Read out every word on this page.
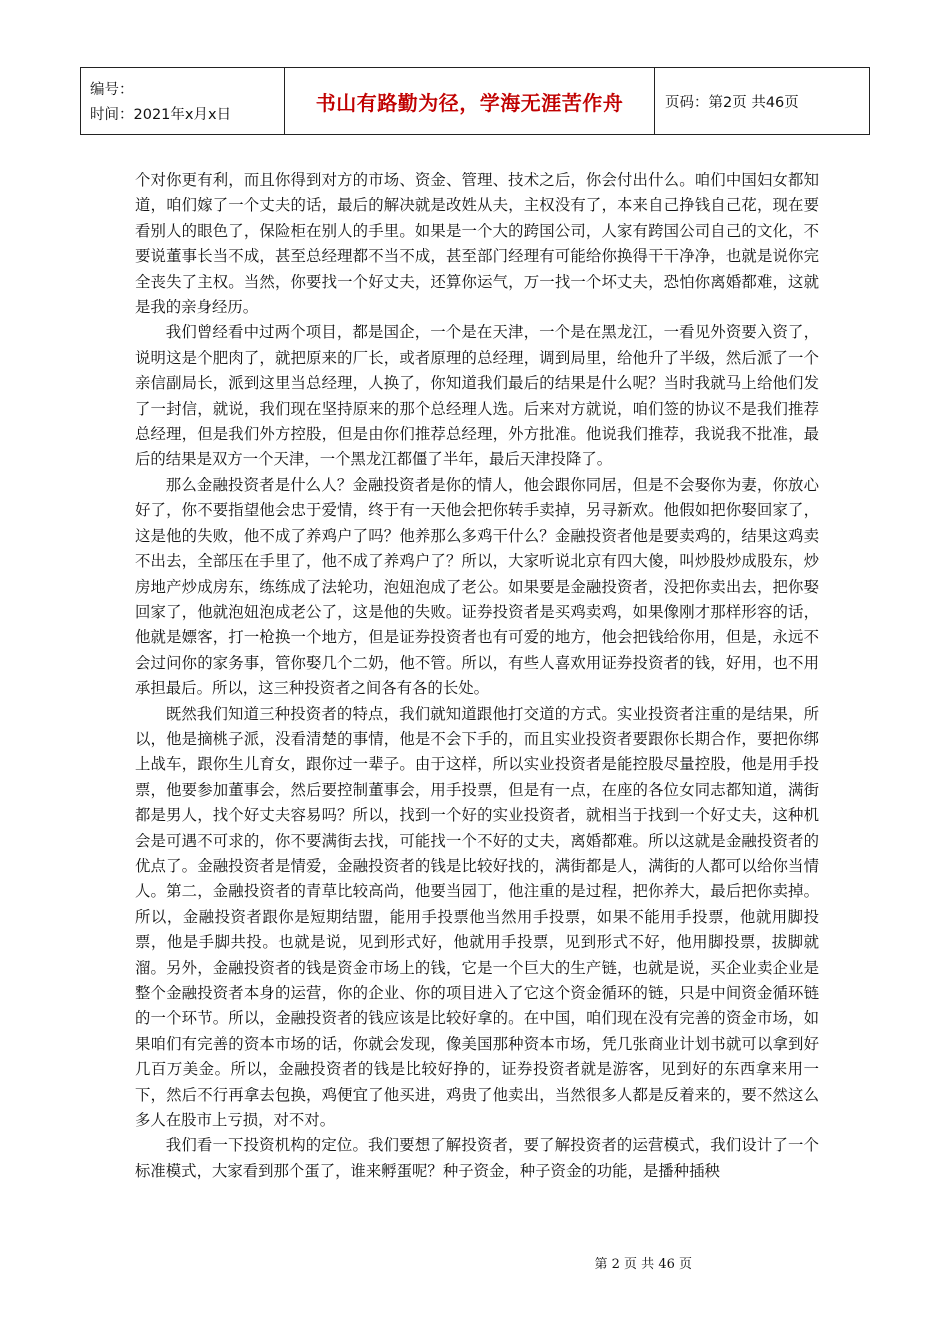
编号：
时间：2021年x月x日
书山有路勤为径，学海无涯苦作舟	页码：第2页 共46页

个对你更有利，而且你得到对方的市场、资金、管理、技术之后，你会付出什么。咱们中国妇女都知道，咱们嫁了一个丈夫的话，最后的解决就是改姓从夫，主权没有了，本来自己挣钱自己花，现在要看别人的眼色了，保险柜在别人的手里。如果是一个大的跨国公司，人家有跨国公司自己的文化，不要说董事长当不成，甚至总经理都不当不成，甚至部门经理有可能给你换得干干净净，也就是说你完全丧失了主权。当然，你要找一个好丈夫，还算你运气，万一找一个坏丈夫，恐怕你离婚都难，这就是我的亲身经历。

我们曾经看中过两个项目，都是国企，一个是在天津，一个是在黑龙江，一看见外资要入资了，说明这是个肥肉了，就把原来的厂长，或者原理的总经理，调到局里，给他升了半级，然后派了一个亲信副局长，派到这里当总经理，人换了，你知道我们最后的结果是什么呢？当时我就马上给他们发了一封信，就说，我们现在坚持原来的那个总经理人选。后来对方就说，咱们签的协议不是我们推荐总经理，但是我们外方控股，但是由你们推荐总经理，外方批准。他说我们推荐，我说我不批准，最后的结果是双方一个天津，一个黑龙江都僵了半年，最后天津投降了。

那么金融投资者是什么人？金融投资者是你的情人，他会跟你同居，但是不会娶你为妻，你放心好了，你不要指望他会忠于爱情，终于有一天他会把你转手卖掉，另寻新欢。他假如把你娶回家了，这是他的失败，他不成了养鸡户了吗？他养那么多鸡干什么？金融投资者他是要卖鸡的，结果这鸡卖不出去，全部压在手里了，他不成了养鸡户了？所以，大家听说北京有四大傻，叫炒股炒成股东，炒房地产炒成房东，练练成了法轮功，泡妞泡成了老公。如果要是金融投资者，没把你卖出去，把你娶回家了，他就泡妞泡成老公了，这是他的失败。证券投资者是买鸡卖鸡，如果像刚才那样形容的话，他就是嫖客，打一枪换一个地方，但是证券投资者也有可爱的地方，他会把钱给你用，但是，永远不会过问你的家务事，管你娶几个二奶，他不管。所以，有些人喜欢用证券投资者的钱，好用，也不用承担最后。所以，这三种投资者之间各有各的长处。

既然我们知道三种投资者的特点，我们就知道跟他打交道的方式。实业投资者注重的是结果，所以，他是摘桃子派，没看清楚的事情，他是不会下手的，而且实业投资者要跟你长期合作，要把你绑上战车，跟你生儿育女，跟你过一辈子。由于这样，所以实业投资者是能控股尽量控股，他是用手投票，他要参加董事会，然后要控制董事会，用手投票，但是有一点，在座的各位女同志都知道，满街都是男人，找个好丈夫容易吗？所以，找到一个好的实业投资者，就相当于找到一个好丈夫，这种机会是可遇不可求的，你不要满街去找，可能找一个不好的丈夫，离婚都难。所以这就是金融投资者的优点了。金融投资者是情爱，金融投资者的钱是比较好找的，满街都是人，满街的人都可以给你当情人。第二，金融投资者的青草比较高尚，他要当园丁，他注重的是过程，把你养大，最后把你卖掉。所以，金融投资者跟你是短期结盟，能用手投票他当然用手投票，如果不能用手投票，他就用脚投票，他是手脚共投。也就是说，见到形式好，他就用手投票，见到形式不好，他用脚投票，拔脚就溜。另外，金融投资者的钱是资金市场上的钱，它是一个巨大的生产链，也就是说，买企业卖企业是整个金融投资者本身的运营，你的企业、你的项目进入了它这个资金循环的链，只是中间资金循环链的一个环节。所以，金融投资者的钱应该是比较好拿的。在中国，咱们现在没有完善的资金市场，如果咱们有完善的资本市场的话，你就会发现，像美国那种资本市场，凭几张商业计划书就可以拿到好几百万美金。所以，金融投资者的钱是比较好挣的，证券投资者就是游客，见到好的东西拿来用一下，然后不行再拿去包换，鸡便宜了他买进，鸡贵了他卖出，当然很多人都是反着来的，要不然这么多人在股市上亏损，对不对。

我们看一下投资机构的定位。我们要想了解投资者，要了解投资者的运营模式，我们设计了一个标准模式，大家看到那个蛋了，谁来孵蛋呢？种子资金，种子资金的功能，是播种插秧

第 2 页 共 46 页
